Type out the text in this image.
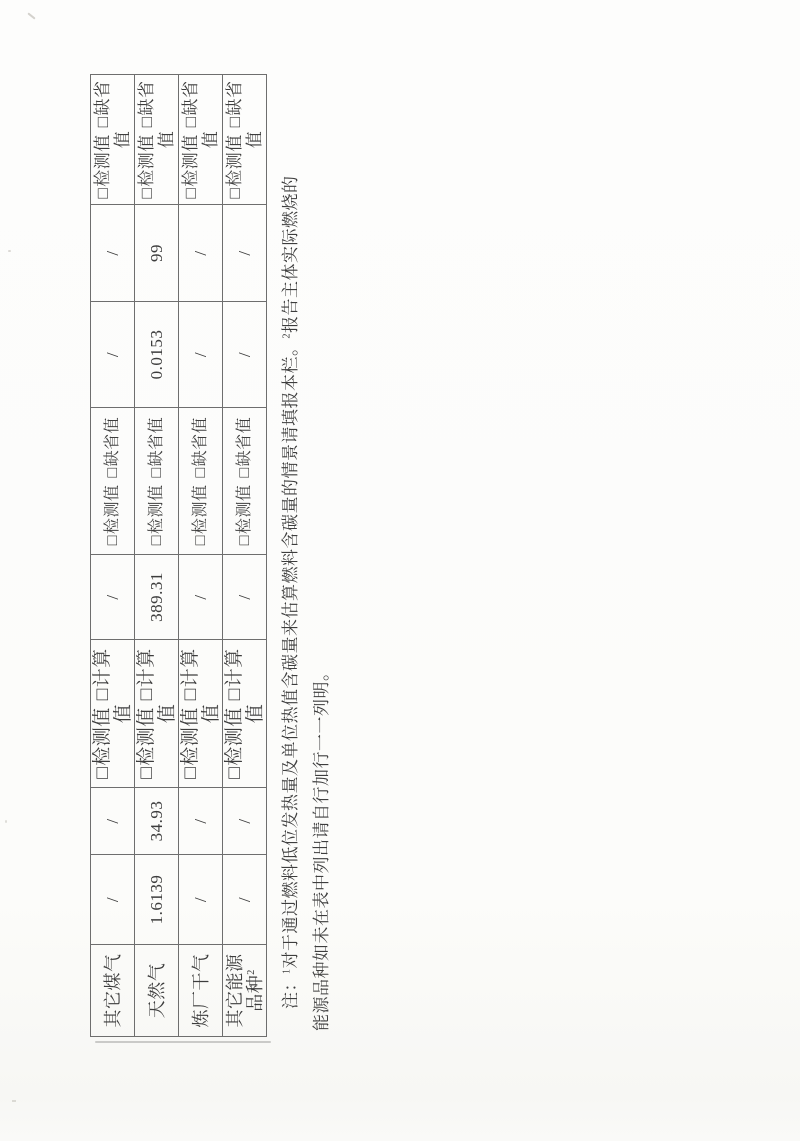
其它煤气	/	/	□检测值□计算值	/	□检测值□缺省值	/	/	□检测值□缺省值
天然气	1.6139	34.93	□检测值□计算值	389.31	□检测值□缺省值	0.0153	99	□检测值□缺省值
炼厂干气	/	/	□检测值□计算值	/	□检测值□缺省值	/	/	□检测值□缺省值
其它能源品种$^2$	/	/	□检测值□计算值	/	□检测值□缺省值	/	/	□检测值□缺省值
注：$^1$对于通过燃料低位发热量及单位热值含碳量来估算燃料含碳量的情景请填报本栏。$^2$报告主体实际燃烧的
能源品种如未在表中列出请自行加行一一列明。
